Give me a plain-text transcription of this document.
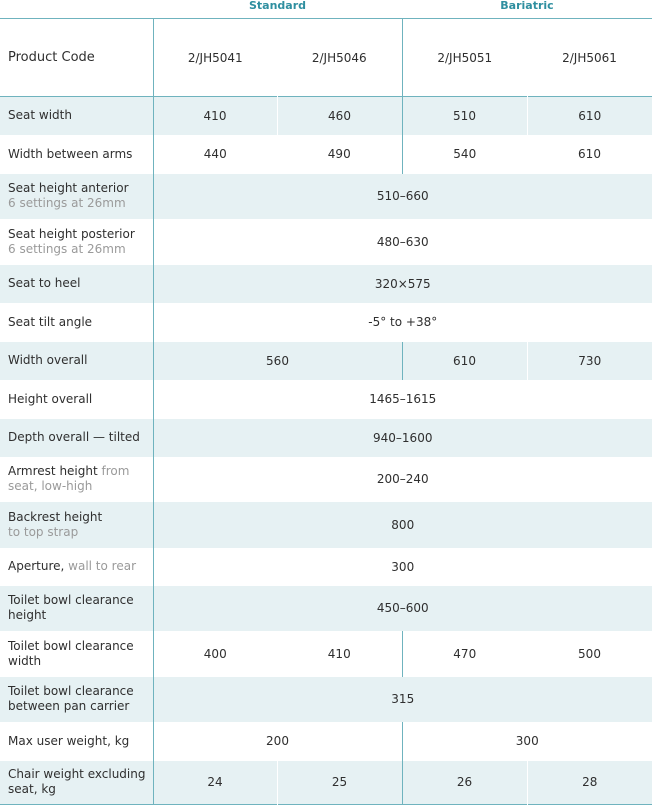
Standard	Bariatric
Product Code	2/JH5041	2/JH5046	2/JH5051	2/JH5061
Seat width	410	460	510	610
Width between arms	440	490	540	610
Seat height anterior
6 settings at 26mm	510–660			
Seat height posterior
6 settings at 26mm	480–630			
Seat to heel	320×575			
Seat tilt angle	-5° to +38°			
Width overall	560		610	730
Height overall	1465–1615			
Depth overall — tilted	940–1600			
Armrest height from seat, low-high	200–240			
Backrest height
to top strap	800			
Aperture, wall to rear	300			
Toilet bowl clearance height	450–600			
Toilet bowl clearance width	400	410	470	500
Toilet bowl clearance between pan carrier	315			
Max user weight, kg	200		300	
Chair weight excluding seat, kg	24	25	26	28
